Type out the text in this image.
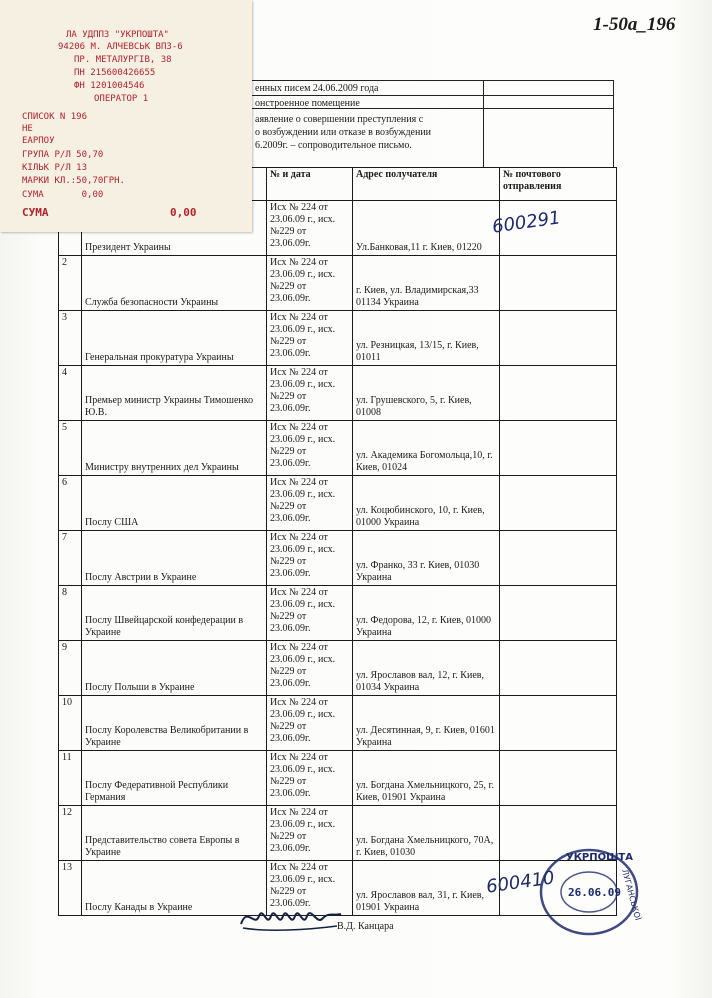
1-50а_196
енных писем 24.06.2009 года
онстроенное помещение
аявление о совершении преступления с
о возбуждении или отказе в возбуждении
6.2009г. – сопроводительное письмо.
		№ и дата	Адрес получателя	№ почтового отправления
	Президент Украины	Исх № 224 от 23.06.09 г., исх. №229 от 23.06.09г.	Ул.Банковая,11 г. Киев, 01220	
2	Служба безопасности Украины	Исх № 224 от 23.06.09 г., исх. №229 от 23.06.09г.	г. Киев, ул. Владимирская,33 01134 Украина	
3	Генеральная прокуратура Украины	Исх № 224 от 23.06.09 г., исх. №229 от 23.06.09г.	ул. Резницкая, 13/15, г. Киев, 01011	
4	Премьер министр Украины Тимошенко Ю.В.	Исх № 224 от 23.06.09 г., исх. №229 от 23.06.09г.	ул. Грушевского, 5, г. Киев, 01008	
5	Министру внутренних дел Украины	Исх № 224 от 23.06.09 г., исх. №229 от 23.06.09г.	ул. Академика Богомольца,10, г. Киев, 01024	
6	Послу США	Исх № 224 от 23.06.09 г., исх. №229 от 23.06.09г.	ул. Коцюбинского, 10, г. Киев, 01000 Украина	
7	Послу Австрии в Украине	Исх № 224 от 23.06.09 г., исх. №229 от 23.06.09г.	ул. Франко, 33 г. Киев, 01030 Украина	
8	Послу Швейцарской конфедерации в Украине	Исх № 224 от 23.06.09 г., исх. №229 от 23.06.09г.	ул. Федорова, 12, г. Киев, 01000 Украина	
9	Послу Польши в Украине	Исх № 224 от 23.06.09 г., исх. №229 от 23.06.09г.	ул. Ярославов вал, 12, г. Киев, 01034 Украина	
10	Послу Королевства Великобритании в Украине	Исх № 224 от 23.06.09 г., исх. №229 от 23.06.09г.	ул. Десятинная, 9, г. Киев, 01601 Украина	
11	Послу Федеративной Республики Германия	Исх № 224 от 23.06.09 г., исх. №229 от 23.06.09г.	ул. Богдана Хмельницкого, 25, г. Киев, 01901 Украина	
12	Представительство совета Европы в Украине	Исх № 224 от 23.06.09 г., исх. №229 от 23.06.09г.	ул. Богдана Хмельницкого, 70А, г. Киев, 01030	
13	Послу Канады в Украине	Исх № 224 от 23.06.09 г., исх. №229 от 23.06.09г.	ул. Ярославов вал, 31, г. Киев, 01901 Украина	
600291
600410
В.Д. Канцара
ЛА УДППЗ "УКРПОШТА"
94206 М. АЛЧЕВСЬК ВПЗ-6
ПР. МЕТАЛУРГІВ, 38
ПН 215600426655
ФН 1201004546
ОПЕРАТОР 1
СПИСОК N 196
НЕ
ЕАРПОУ
ГРУПА Р/Л 50,70
КІЛЬК Р/Л 13
МАРКИ КЛ.:50,70ГРН.
СУМА       0,00
СУМА	0,00
УКРПОШТА
26.06.09 ЛУГАНСЬКОЇ
